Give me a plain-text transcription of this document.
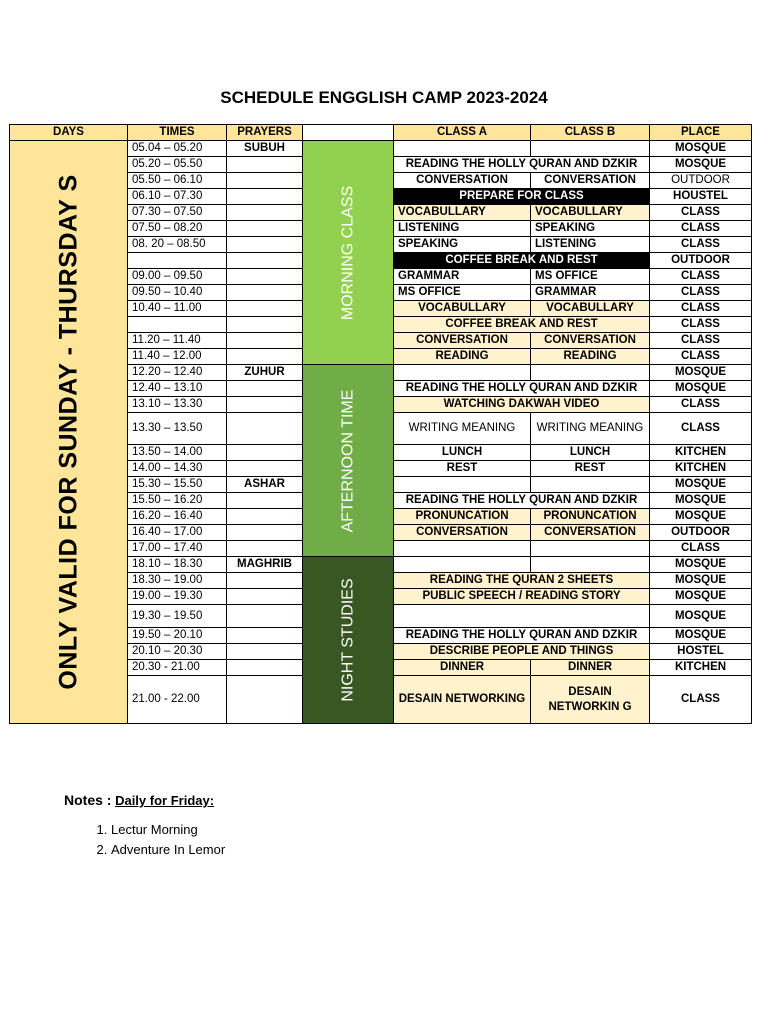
SCHEDULE ENGGLISH CAMP 2023-2024
DAYS	TIMES	PRAYERS		CLASS A	CLASS B	PLACE

ONLY VALID FOR SUNDAY - THURSDAY S	05.04 – 05.20	SUBUH	MORNING CLASS			MOSQUE
	05.20 – 05.50			READING THE HOLLY QURAN AND DZKIR		MOSQUE
	05.50 – 06.10			CONVERSATION	CONVERSATION	OUTDOOR
	06.10 – 07.30			PREPARE FOR CLASS		HOUSTEL
	07.30 – 07.50			VOCABULLARY	VOCABULLARY	CLASS
	07.50 – 08.20			LISTENING	SPEAKING	CLASS
	08. 20 – 08.50			SPEAKING	LISTENING	CLASS
				COFFEE BREAK AND REST		OUTDOOR
	09.00 – 09.50			GRAMMAR	MS OFFICE	CLASS
	09.50 – 10.40			MS OFFICE	GRAMMAR	CLASS
	10.40 – 11.00			VOCABULLARY	VOCABULLARY	CLASS
				COFFEE BREAK AND REST		CLASS
	11.20 – 11.40			CONVERSATION	CONVERSATION	CLASS
	11.40 – 12.00			READING	READING	CLASS
	12.20 – 12.40	ZUHUR	AFTERNOON TIME			MOSQUE
	12.40 – 13.10			READING THE HOLLY QURAN AND DZKIR		MOSQUE
	13.10 – 13.30			WATCHING DAKWAH VIDEO		CLASS
	13.30 – 13.50			WRITING MEANING	WRITING MEANING	CLASS
	13.50 – 14.00			LUNCH	LUNCH	KITCHEN
	14.00 – 14.30			REST	REST	KITCHEN
	15.30 – 15.50	ASHAR				MOSQUE
	15.50 – 16.20			READING THE HOLLY QURAN AND DZKIR		MOSQUE
	16.20 – 16.40			PRONUNCATION	PRONUNCATION	MOSQUE
	16.40 – 17.00			CONVERSATION	CONVERSATION	OUTDOOR
	17.00 – 17.40					CLASS
	18.10 – 18.30	MAGHRIB	NIGHT STUDIES			MOSQUE
	18.30 – 19.00			READING THE QURAN 2 SHEETS		MOSQUE
	19.00 – 19.30			PUBLIC SPEECH / READING STORY		MOSQUE
	19.30 – 19.50					MOSQUE
	19.50 – 20.10			READING THE HOLLY QURAN AND DZKIR		MOSQUE
	20.10 – 20.30			DESCRIBE PEOPLE AND THINGS		HOSTEL
	20.30 - 21.00			DINNER	DINNER	KITCHEN
	21.00 - 22.00			DESAIN NETWORKING	DESAIN NETWORKIN G	CLASS
Notes : Daily for Friday:
1. Lectur Morning
2. Adventure In Lemor
